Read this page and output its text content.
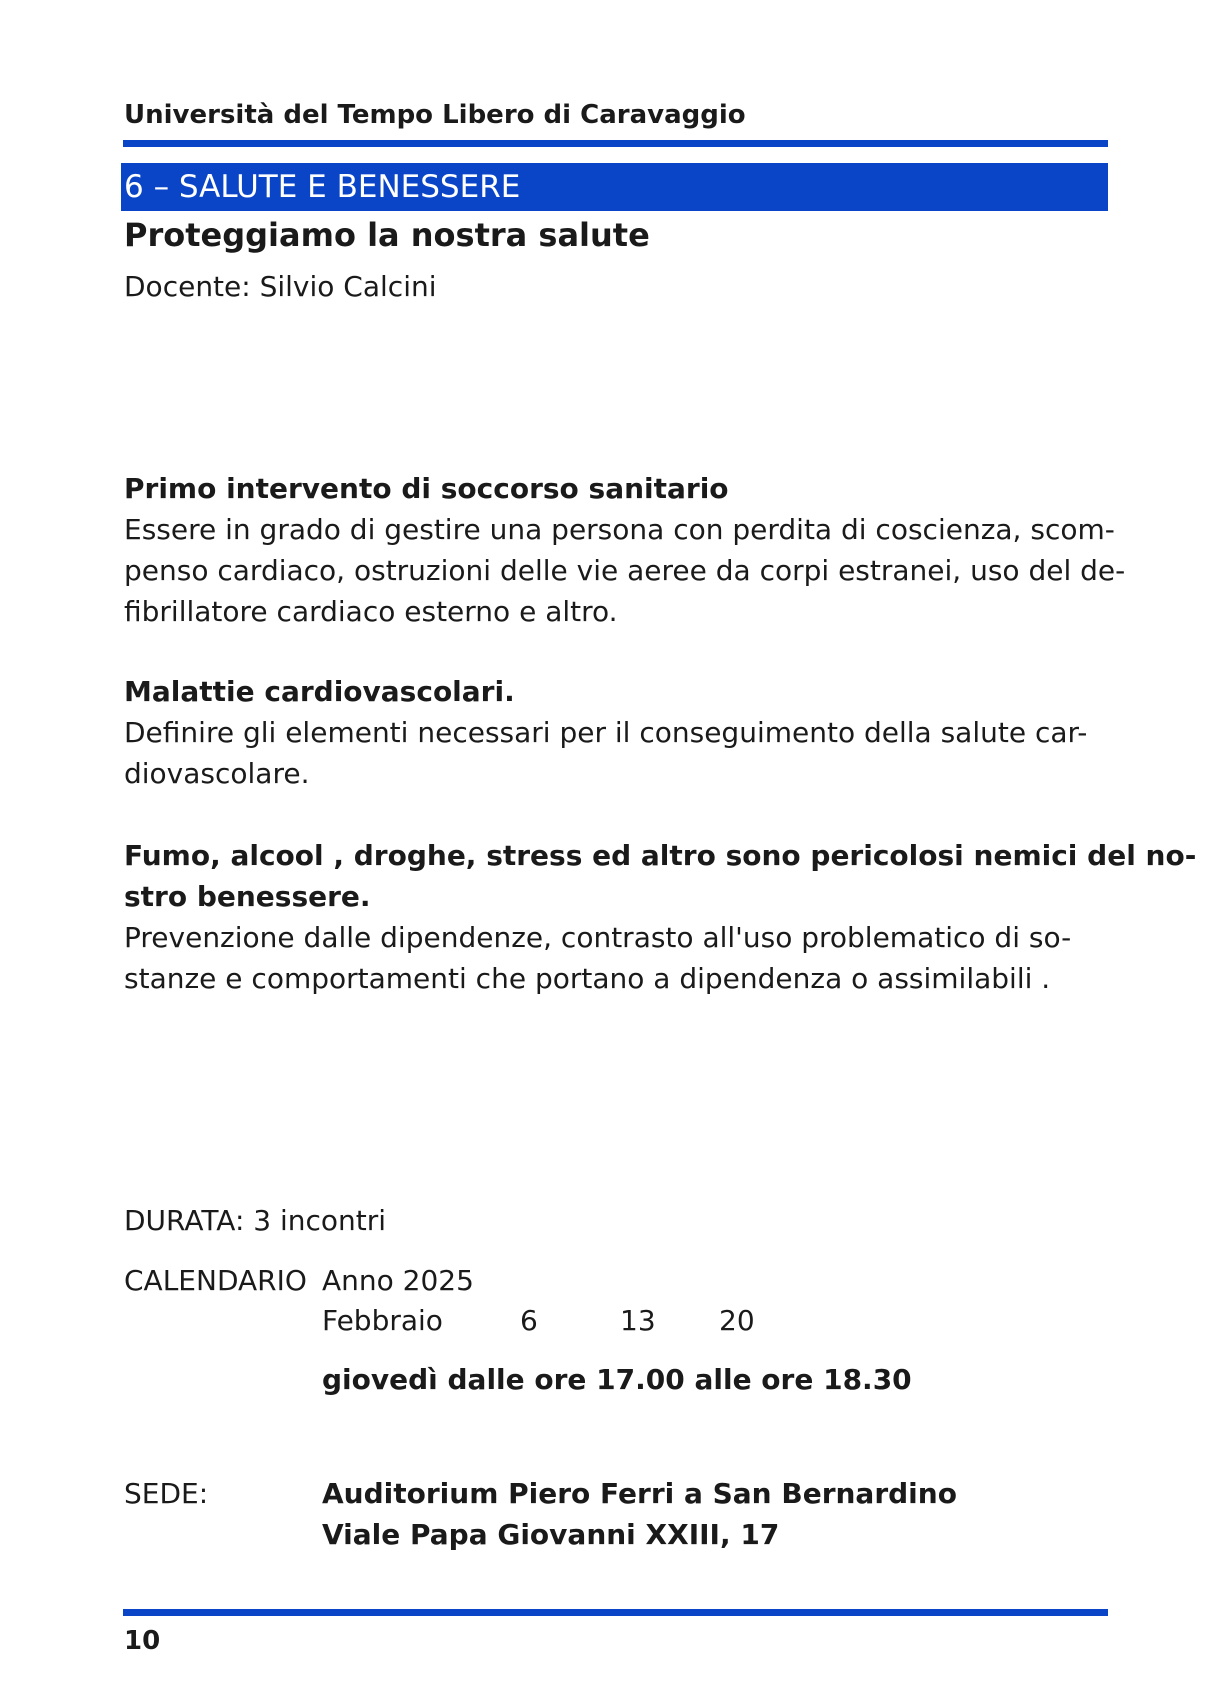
Università del Tempo Libero di Caravaggio
6 – SALUTE E BENESSERE
Proteggiamo la nostra salute
Docente: Silvio Calcini
Primo intervento di soccorso sanitario
Essere in grado di gestire una persona con perdita di coscienza, scom-
penso cardiaco, ostruzioni delle vie aeree da corpi estranei, uso del de-
fibrillatore cardiaco esterno e altro.
Malattie cardiovascolari.
Definire gli elementi necessari per il conseguimento della salute car-
diovascolare.
Fumo, alcool , droghe, stress ed altro sono pericolosi nemici del no-
stro benessere.
Prevenzione dalle dipendenze, contrasto all'uso problematico di so-
stanze e comportamenti che portano a dipendenza o assimilabili .
DURATA: 3 incontri
CALENDARIO Anno 2025
Febbraio	6	13 20
giovedì dalle ore 17.00 alle ore 18.30
SEDE:	Auditorium Piero Ferri a San Bernardino
Viale Papa Giovanni XXIII, 17
10
